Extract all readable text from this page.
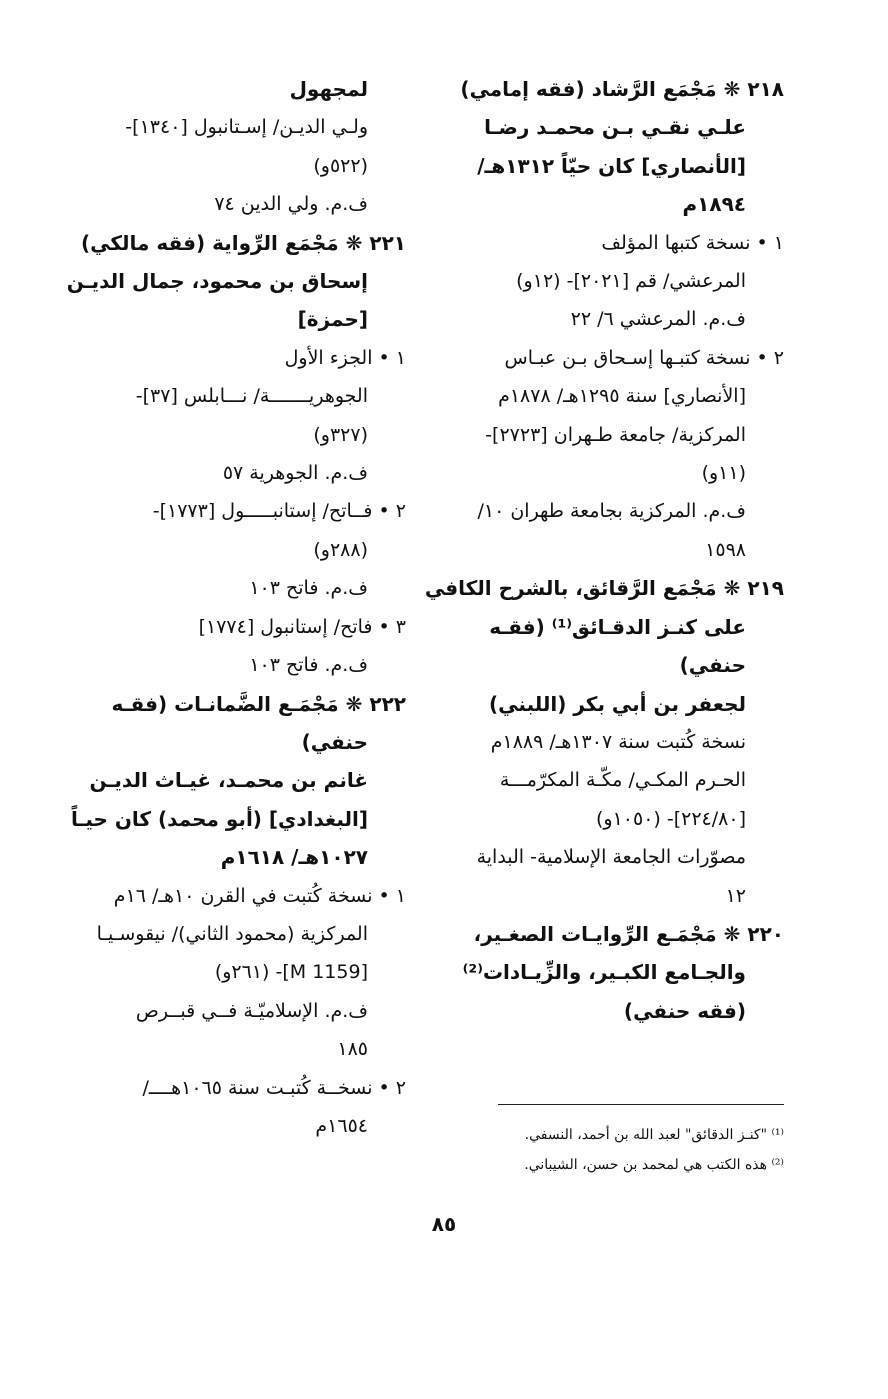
٢١٨ ❋ مَجْمَع الرَّشاد (فقه إمامي)
علـي نقـي بـن محمـد رضـا
[الأنصاري] كان حيّاً ١٣١٢هـ/
١٨٩٤م
١ • نسخة كتبها المؤلف
المرعشي/ قم [٢٠٢١]- (١٢و)
ف.م. المرعشي ٦/ ٢٢
٢ • نسخة كتبـها إسـحاق بـن عبـاس
[الأنصاري] سنة ١٢٩٥هـ/ ١٨٧٨م
المركزية/ جامعة طـهران [٢٧٢٣]-
(١١و)
ف.م. المركزية بجامعة طهران ١٠/
١٥٩٨
٢١٩ ❋ مَجْمَع الرَّقائق، بالشرح الكافي
على كنـز الدقـائق⁽¹⁾ (فقـه
حنفي)
لجعفر بن أبي بكر (اللبني)
نسخة كُتبت سنة ١٣٠٧هـ/ ١٨٨٩م
الحـرم المكـي/ مكّـة المكرّمـــة
[٢٢٤/٨٠]- (١٠٥٠و)
مصوّرات الجامعة الإسلامية- البداية
١٢
٢٢٠ ❋ مَجْمَـع الرِّوايـات الصغـير،
والجـامع الكبـير، والزِّيـادات⁽²⁾
(فقه حنفي)
لمجهول
ولـي الديـن/ إسـتانبول [١٣٤٠]-
(٥٢٢و)
ف.م. ولي الدين ٧٤
٢٢١ ❋ مَجْمَع الرِّواية (فقه مالكي)
إسحاق بن محمود، جمال الديـن
[حمزة]
١ • الجزء الأول
الجوهريـــــــة/ نـــابلس [٣٧]-
(٣٢٧و)
ف.م. الجوهرية ٥٧
٢ • فــاتح/ إستانبـــــول [١٧٧٣]-
(٢٨٨و)
ف.م. فاتح ١٠٣
٣ • فاتح/ إستانبول [١٧٧٤]
ف.م. فاتح ١٠٣
٢٢٢ ❋ مَجْمَـع الضَّمانـات (فقـه
حنفي)
غانم بن محمـد، غيـاث الديـن
[البغدادي] (أبو محمد) كان حيـاً
١٠٢٧هـ/ ١٦١٨م
١ • نسخة كُتبت في القرن ١٠هـ/ ١٦م
المركزية (محمود الثاني)/ نيقوسـيـا
[M 1159]- (٢٦١و)
ف.م. الإسلاميّـة فــي قبــرص
١٨٥
٢ • نسخــة كُتبـت سنة ١٠٦٥هــــ/
١٦٥٤م	⁽¹⁾ "كنـز الدقائق" لعبد الله بن أحمد، النسفي.
⁽²⁾ هذه الكتب هي لمحمد بن حسن، الشيباني.
٨٥
